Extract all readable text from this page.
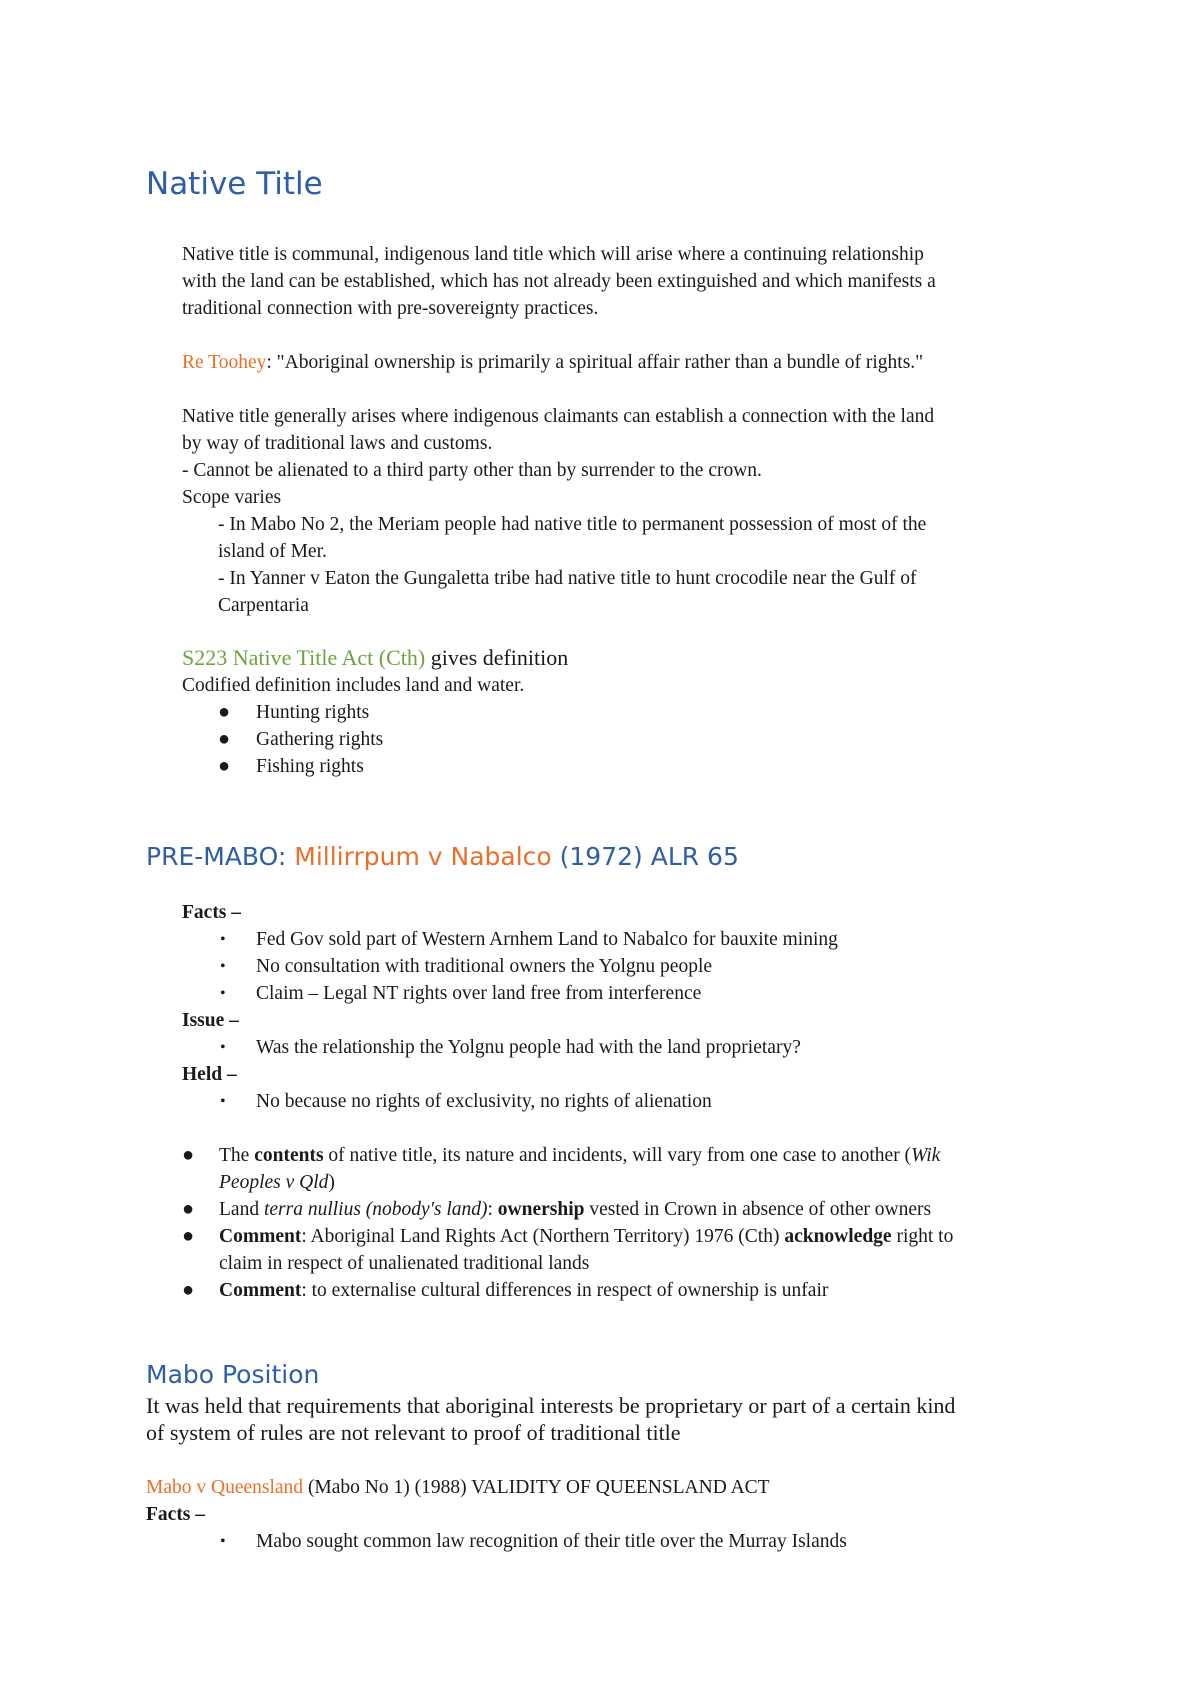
Native Title

Native title is communal, indigenous land title which will arise where a continuing relationship

with the land can be established, which has not already been extinguished and which manifests a

traditional connection with pre-sovereignty practices.

Re Toohey: "Aboriginal ownership is primarily a spiritual affair rather than a bundle of rights."

Native title generally arises where indigenous claimants can establish a connection with the land

by way of traditional laws and customs.

- Cannot be alienated to a third party other than by surrender to the crown.

Scope varies

- In Mabo No 2, the Meriam people had native title to permanent possession of most of the

island of Mer.

- In Yanner v Eaton the Gungaletta tribe had native title to hunt crocodile near the Gulf of

Carpentaria

S223 Native Title Act (Cth) gives definition

Codified definition includes land and water.

● Hunting rights

● Gathering rights

● Fishing rights

PRE-MABO: Millirrpum v Nabalco (1972) ALR 65

Facts –

• Fed Gov sold part of Western Arnhem Land to Nabalco for bauxite mining

• No consultation with traditional owners the Yolgnu people

• Claim – Legal NT rights over land free from interference

Issue –

• Was the relationship the Yolgnu people had with the land proprietary?

Held –

• No because no rights of exclusivity, no rights of alienation

● The contents of native title, its nature and incidents, will vary from one case to another (Wik

Peoples v Qld)

● Land terra nullius (nobody's land): ownership vested in Crown in absence of other owners

● Comment: Aboriginal Land Rights Act (Northern Territory) 1976 (Cth) acknowledge right to

claim in respect of unalienated traditional lands

● Comment: to externalise cultural differences in respect of ownership is unfair

Mabo Position

It was held that requirements that aboriginal interests be proprietary or part of a certain kind

of system of rules are not relevant to proof of traditional title

Mabo v Queensland (Mabo No 1) (1988) VALIDITY OF QUEENSLAND ACT

Facts –

• Mabo sought common law recognition of their title over the Murray Islands
